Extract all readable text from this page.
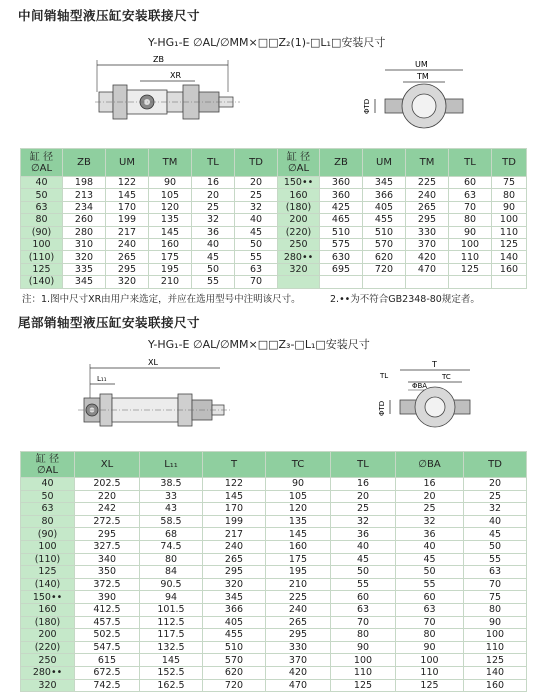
中间销轴型液压缸安装联接尺寸
Y-HG₁-E ∅AL/∅MM×□□Z₂(1)-□L₁□安装尺寸
ZB
XR
UM
TM
ΦTD
缸 径
∅AL	ZB	UM	TM	TL	TD	缸 径
∅AL	ZB	UM	TM	TL	TD
40	198	122	90	16	20	150••	360	345	225	60	75
50	213	145	105	20	25	160	360	366	240	63	80
63	234	170	120	25	32	(180)	425	405	265	70	90
80	260	199	135	32	40	200	465	455	295	80	100
(90)	280	217	145	36	45	(220)	510	510	330	90	110
100	310	240	160	40	50	250	575	570	370	100	125
(110)	320	265	175	45	55	280••	630	620	420	110	140
125	335	295	195	50	63	320	695	720	470	125	160
(140)	345	320	210	55	70						
注：1.图中尺寸XR由用户来选定，并应在选用型号中注明该尺寸。	2.••为不符合GB2348-80规定者。
尾部销轴型液压缸安装联接尺寸
Y-HG₁-E ∅AL/∅MM×□□Z₃-□L₁□安装尺寸
XL
L₁₁
T
TC
TL
ΦBA
ΦTD
缸 径
∅AL	XL	L₁₁	T	TC	TL	∅BA	TD
40	202.5	38.5	122	90	16	16	20
50	220	33	145	105	20	20	25
63	242	43	170	120	25	25	32
80	272.5	58.5	199	135	32	32	40
(90)	295	68	217	145	36	36	45
100	327.5	74.5	240	160	40	40	50
(110)	340	80	265	175	45	45	55
125	350	84	295	195	50	50	63
(140)	372.5	90.5	320	210	55	55	70
150••	390	94	345	225	60	60	75
160	412.5	101.5	366	240	63	63	80
(180)	457.5	112.5	405	265	70	70	90
200	502.5	117.5	455	295	80	80	100
(220)	547.5	132.5	510	330	90	90	110
250	615	145	570	370	100	100	125
280••	672.5	152.5	620	420	110	110	140
320	742.5	162.5	720	470	125	125	160
